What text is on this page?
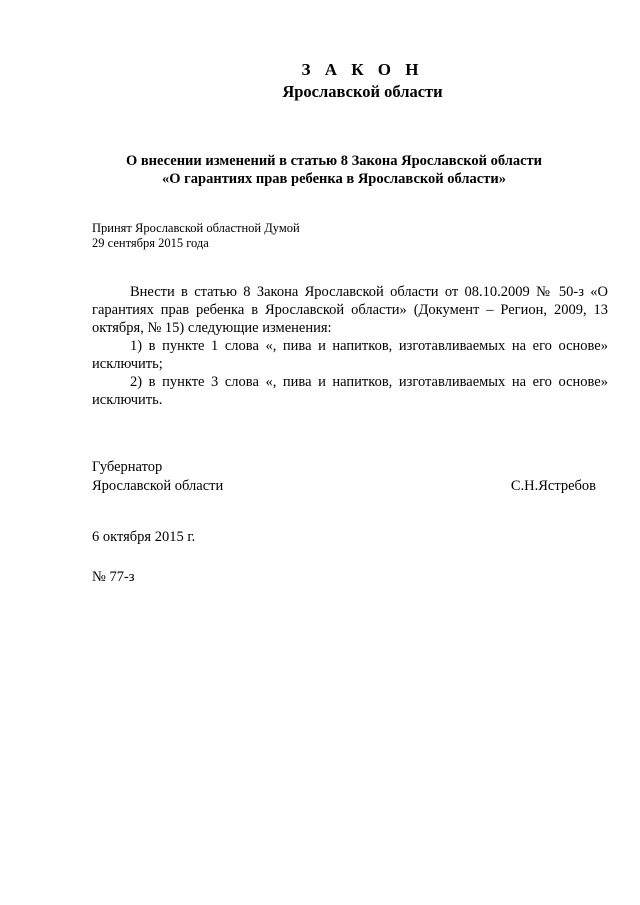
З А К О Н
Ярославской области
О внесении изменений в статью 8 Закона Ярославской области
«О гарантиях прав ребенка в Ярославской области»
Принят Ярославской областной Думой
29 сентября 2015 года

Внести в статью 8 Закона Ярославской области от 08.10.2009 № 50-з «О гарантиях прав ребенка в Ярославской области» (Документ – Регион, 2009, 13 октября, № 15) следующие изменения:

1) в пункте 1 слова «, пива и напитков, изготавливаемых на его основе» исключить;

2) в пункте 3 слова «, пива и напитков, изготавливаемых на его основе» исключить.

Губернатор
Ярославской области	С.Н.Ястребов
6 октября 2015 г.
№ 77-з
